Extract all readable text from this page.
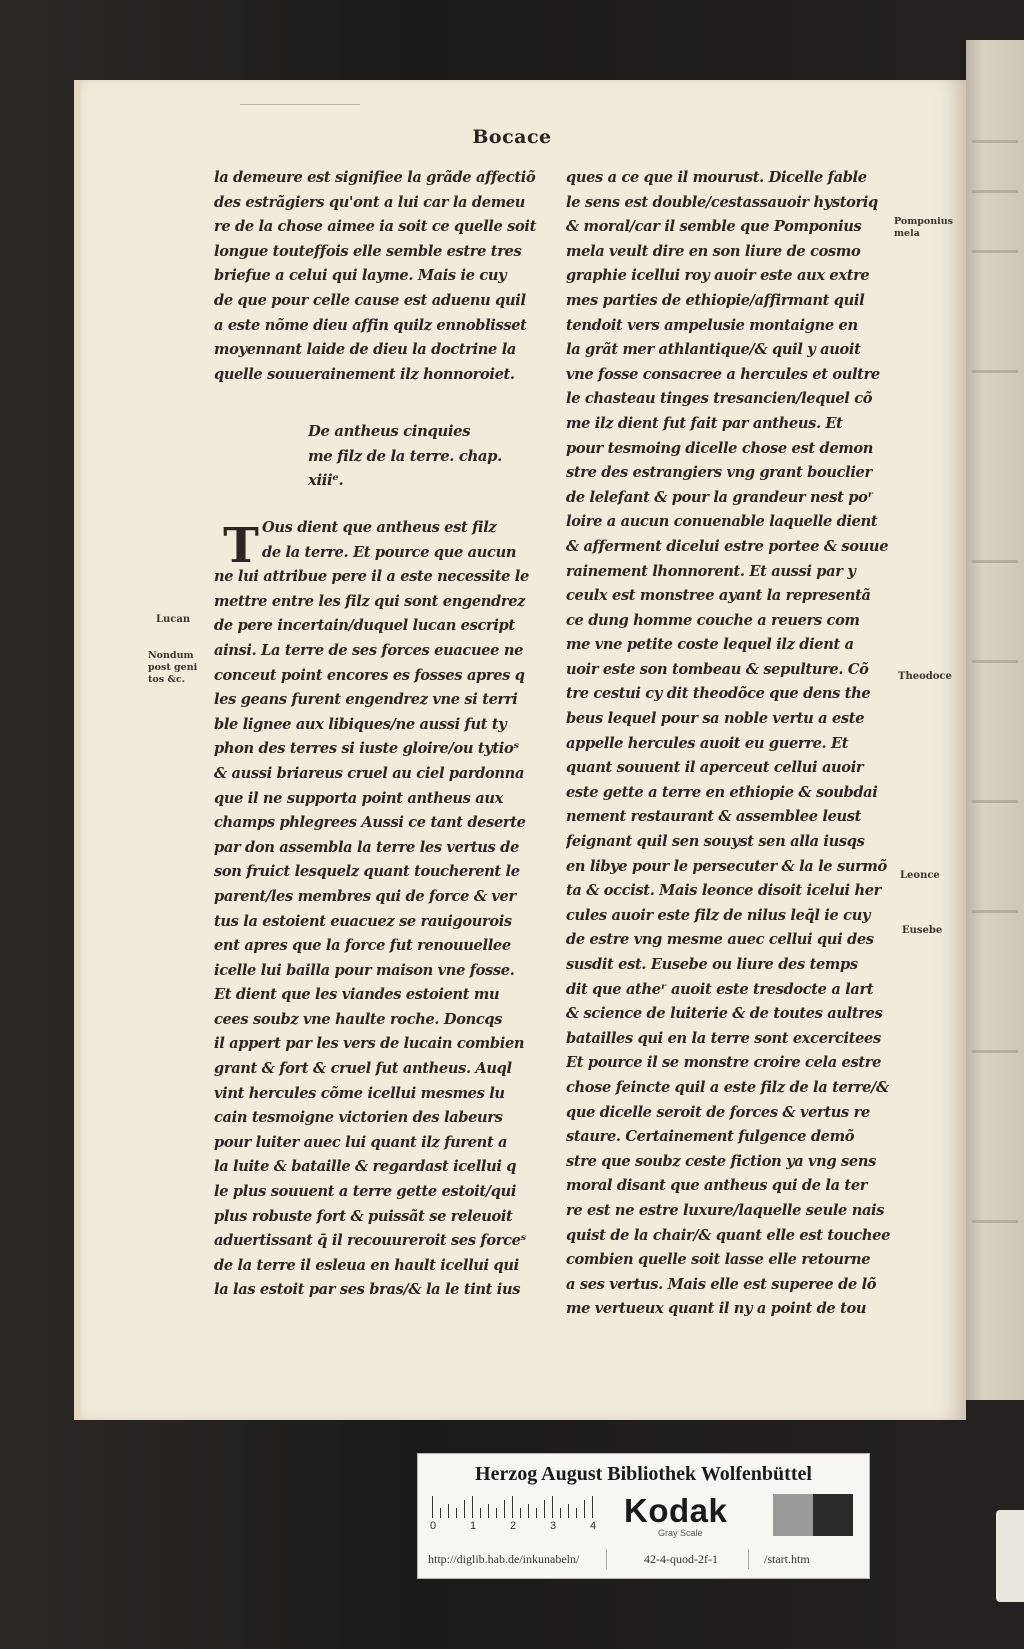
Bocace
la demeure est signifiee la grãde affectiõ
des estrãgiers qu'ont a lui car la demeu
re de la chose aimee ia soit ce quelle soit
longue touteffois elle semble estre tres
briefue a celui qui layme. Mais ie cuy
de que pour celle cause est aduenu quil
a este nõme dieu affin quilz ennoblisset
moyennant laide de dieu la doctrine la
quelle souuerainement ilz honnoroiet.
De antheus cinquies
me filz de la terre. chap.
xiiiᵉ.
T Ous dient que antheus est filz
de la terre. Et pource que aucun
ne lui attribue pere il a este necessite le
mettre entre les filz qui sont engendrez
de pere incertain/duquel lucan escript
ainsi. La terre de ses forces euacuee ne
conceut point encores es fosses apres q
les geans furent engendrez vne si terri
ble lignee aux libiques/ne aussi fut ty
phon des terres si iuste gloire/ou tytioˢ
& aussi briareus cruel au ciel pardonna
que il ne supporta point antheus aux
champs phlegrees Aussi ce tant deserte
par don assembla la terre les vertus de
son fruict lesquelz quant toucherent le
parent/les membres qui de force & ver
tus la estoient euacuez se rauigourois
ent apres que la force fut renouuellee
icelle lui bailla pour maison vne fosse.
Et dient que les viandes estoient mu
cees soubz vne haulte roche. Doncqs
il appert par les vers de lucain combien
grant & fort & cruel fut antheus. Auql
vint hercules cõme icellui mesmes lu
cain tesmoigne victorien des labeurs
pour luiter auec lui quant ilz furent a
la luite & bataille & regardast icellui q
le plus souuent a terre gette estoit/qui
plus robuste fort & puissãt se releuoit
aduertissant q̄ il recouureroit ses forceˢ
de la terre il esleua en hault icellui qui
la las estoit par ses bras/& la le tint ius
ques a ce que il mourust. Dicelle fable
le sens est double/cestassauoir hystoriq
& moral/car il semble que Pomponius
mela veult dire en son liure de cosmo
graphie icellui roy auoir este aux extre
mes parties de ethiopie/affirmant quil
tendoit vers ampelusie montaigne en
la grãt mer athlantique/& quil y auoit
vne fosse consacree a hercules et oultre
le chasteau tinges tresancien/lequel cõ
me ilz dient fut fait par antheus. Et
pour tesmoing dicelle chose est demon
stre des estrangiers vng grant bouclier
de lelefant & pour la grandeur nest poʳ
loire a aucun conuenable laquelle dient
& afferment dicelui estre portee & souue
rainement lhonnorent. Et aussi par y
ceulx est monstree ayant la representã
ce dung homme couche a reuers com
me vne petite coste lequel ilz dient a
uoir este son tombeau & sepulture. Cõ
tre cestui cy dit theodõce que dens the
beus lequel pour sa noble vertu a este
appelle hercules auoit eu guerre. Et
quant souuent il aperceut cellui auoir
este gette a terre en ethiopie & soubdai
nement restaurant & assemblee leust
feignant quil sen souyst sen alla iusqs
en libye pour le persecuter & la le surmõ
ta & occist. Mais leonce disoit icelui her
cules auoir este filz de nilus leq̄l ie cuy
de estre vng mesme auec cellui qui des
susdit est. Eusebe ou liure des temps
dit que atheʳ auoit este tresdocte a lart
& science de luiterie & de toutes aultres
batailles qui en la terre sont excercitees
Et pource il se monstre croire cela estre
chose feincte quil a este filz de la terre/&
que dicelle seroit de forces & vertus re
staure. Certainement fulgence demõ
stre que soubz ceste fiction ya vng sens
moral disant que antheus qui de la ter
re est ne estre luxure/laquelle seule nais
quist de la chair/& quant elle est touchee
combien quelle soit lasse elle retourne
a ses vertus. Mais elle est superee de lõ
me vertueux quant il ny a point de tou
Lucan
Nondum
post geni
tos &c.
Pomponius
mela
Theodoce
Leonce
Eusebe
Herzog August Bibliothek Wolfenbüttel
0	1	2	3	4 Kodak
Gray Scale
http://diglib.hab.de/inkunabeln/	42-4-quod-2f-1	/start.htm
